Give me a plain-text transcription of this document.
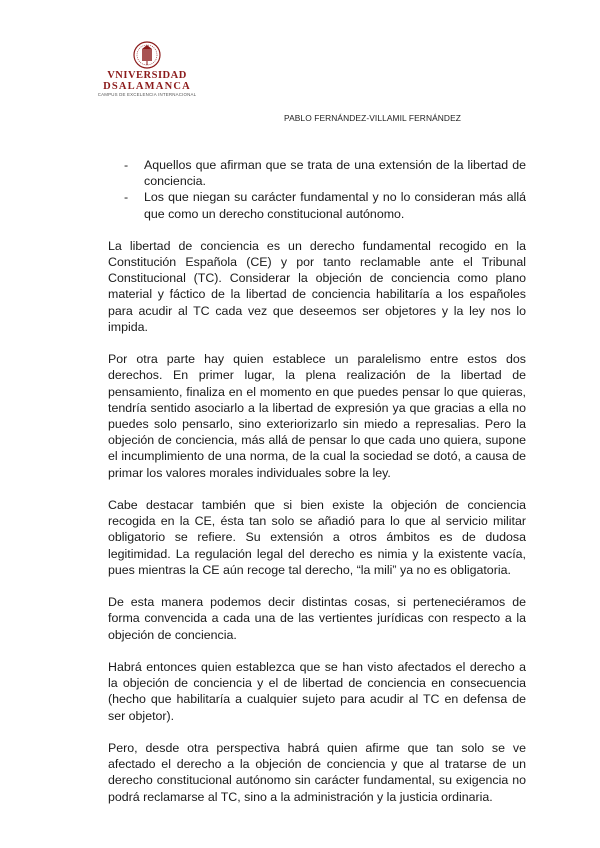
VNIVERSIDAD
DSALAMANCA
CAMPUS DE EXCELENCIA INTERNACIONAL
PABLO FERNÁNDEZ-VILLAMIL FERNÁNDEZ
- Aquellos que afirman que se trata de una extensión de la libertad de conciencia.
- Los que niegan su carácter fundamental y no lo consideran más allá que como un derecho constitucional autónomo.

La libertad de conciencia es un derecho fundamental recogido en la Constitución Española (CE) y por tanto reclamable ante el Tribunal Constitucional (TC). Considerar la objeción de conciencia como plano material y fáctico de la libertad de conciencia habilitaría a los españoles para acudir al TC cada vez que deseemos ser objetores y la ley nos lo impida.

Por otra parte hay quien establece un paralelismo entre estos dos derechos. En primer lugar, la plena realización de la libertad de pensamiento, finaliza en el momento en que puedes pensar lo que quieras, tendría sentido asociarlo a la libertad de expresión ya que gracias a ella no puedes solo pensarlo, sino exteriorizarlo sin miedo a represalias. Pero la objeción de conciencia, más allá de pensar lo que cada uno quiera, supone el incumplimiento de una norma, de la cual la sociedad se dotó, a causa de primar los valores morales individuales sobre la ley.

Cabe destacar también que si bien existe la objeción de conciencia recogida en la CE, ésta tan solo se añadió para lo que al servicio militar obligatorio se refiere. Su extensión a otros ámbitos es de dudosa legitimidad. La regulación legal del derecho es nimia y la existente vacía, pues mientras la CE aún recoge tal derecho, “la mili” ya no es obligatoria.

De esta manera podemos decir distintas cosas, si perteneciéramos de forma convencida a cada una de las vertientes jurídicas con respecto a la objeción de conciencia.

Habrá entonces quien establezca que se han visto afectados el derecho a la objeción de conciencia y el de libertad de conciencia en consecuencia (hecho que habilitaría a cualquier sujeto para acudir al TC en defensa de ser objetor).

Pero, desde otra perspectiva habrá quien afirme que tan solo se ve afectado el derecho a la objeción de conciencia y que al tratarse de un derecho constitucional autónomo sin carácter fundamental, su exigencia no podrá reclamarse al TC, sino a la administración y la justicia ordinaria.
